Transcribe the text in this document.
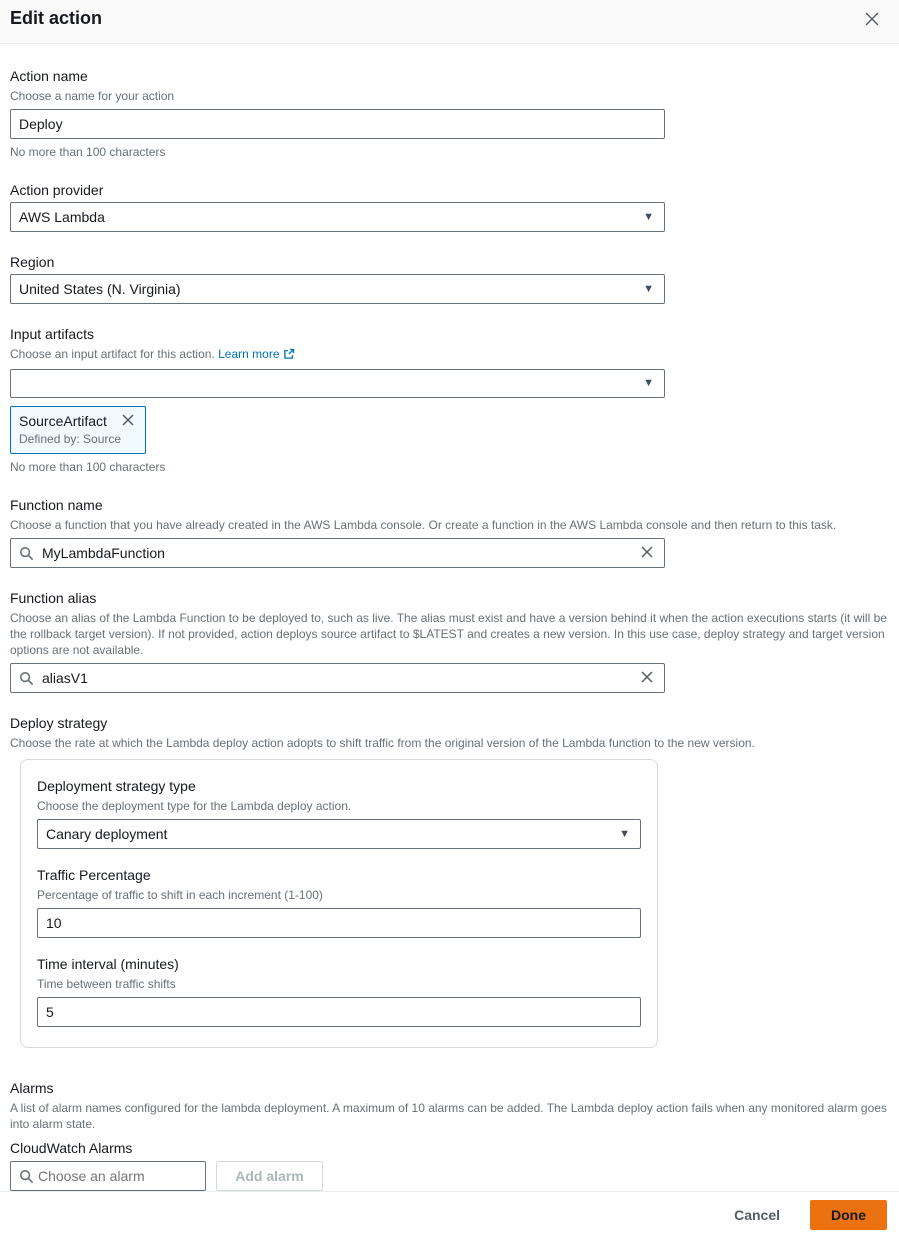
Edit action
Action name
Choose a name for your action
Deploy
No more than 100 characters
Action provider
AWS Lambda	▼
Region
United States (N. Virginia)	▼
Input artifacts
Choose an input artifact for this action. Learn more
▼
SourceArtifact
Defined by: Source
No more than 100 characters
Function name
Choose a function that you have already created in the AWS Lambda console. Or create a function in the AWS Lambda console and then return to this task.
MyLambdaFunction
Function alias
Choose an alias of the Lambda Function to be deployed to, such as live. The alias must exist and have a version behind it when the action executions starts (it will be the rollback target version). If not provided, action deploys source artifact to $LATEST and creates a new version. In this use case, deploy strategy and target version options are not available.
aliasV1
Deploy strategy
Choose the rate at which the Lambda deploy action adopts to shift traffic from the original version of the Lambda function to the new version.
Deployment strategy type
Choose the deployment type for the Lambda deploy action.
Canary deployment	▼
Traffic Percentage
Percentage of traffic to shift in each increment (1-100)
10
Time interval (minutes)
Time between traffic shifts
5
Alarms
A list of alarm names configured for the lambda deployment. A maximum of 10 alarms can be added. The Lambda deploy action fails when any monitored alarm goes into alarm state.
CloudWatch Alarms
Choose an alarm
Add alarm
Cancel	Done
